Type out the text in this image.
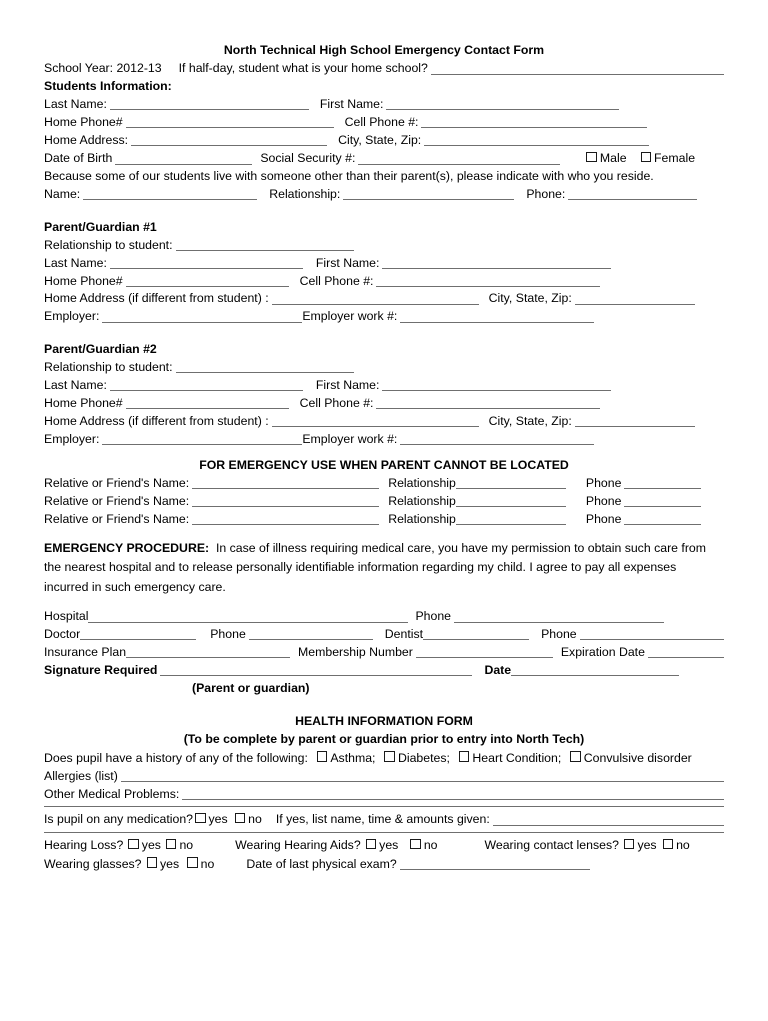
North Technical High School Emergency Contact Form
School Year: 2012-13 If half-day, student what is your home school?
Students Information:
Last Name:	First Name:
Home Phone#	Cell Phone #:
Home Address:	City, State, Zip:
Date of Birth	Social Security #:	Male Female
Because some of our students live with someone other than their parent(s), please indicate with who you reside.
Name:	Relationship:	Phone:
Parent/Guardian #1
Relationship to student:
Last Name:	First Name:
Home Phone#	Cell Phone #:
Home Address (if different from student) :	City, State, Zip:
Employer:	Employer work #:
Parent/Guardian #2
Relationship to student:
Last Name:	First Name:
Home Phone#	Cell Phone #:
Home Address (if different from student) :	City, State, Zip:
Employer:	Employer work #:
FOR EMERGENCY USE WHEN PARENT CANNOT BE LOCATED
Relative or Friend's Name:	Relationship	Phone
Relative or Friend's Name:	Relationship	Phone
Relative or Friend's Name:	Relationship	Phone
EMERGENCY PROCEDURE: In case of illness requiring medical care, you have my permission to obtain such care from the nearest hospital and to release personally identifiable information regarding my child. I agree to pay all expenses incurred in such emergency care.
Hospital	Phone
Doctor	Phone	Dentist	Phone
Insurance Plan	Membership Number	Expiration Date
Signature Required	Date
(Parent or guardian)
HEALTH INFORMATION FORM
(To be complete by parent or guardian prior to entry into North Tech)
Does pupil have a history of any of the following: Asthma; Diabetes; Heart Condition; Convulsive disorder
Allergies (list)
Other Medical Problems:
Is pupil on any medication? yes no If yes, list name, time & amounts given:
Hearing Loss? yes no	Wearing Hearing Aids? yes no	Wearing contact lenses? yes no
Wearing glasses? yes no	Date of last physical exam?
